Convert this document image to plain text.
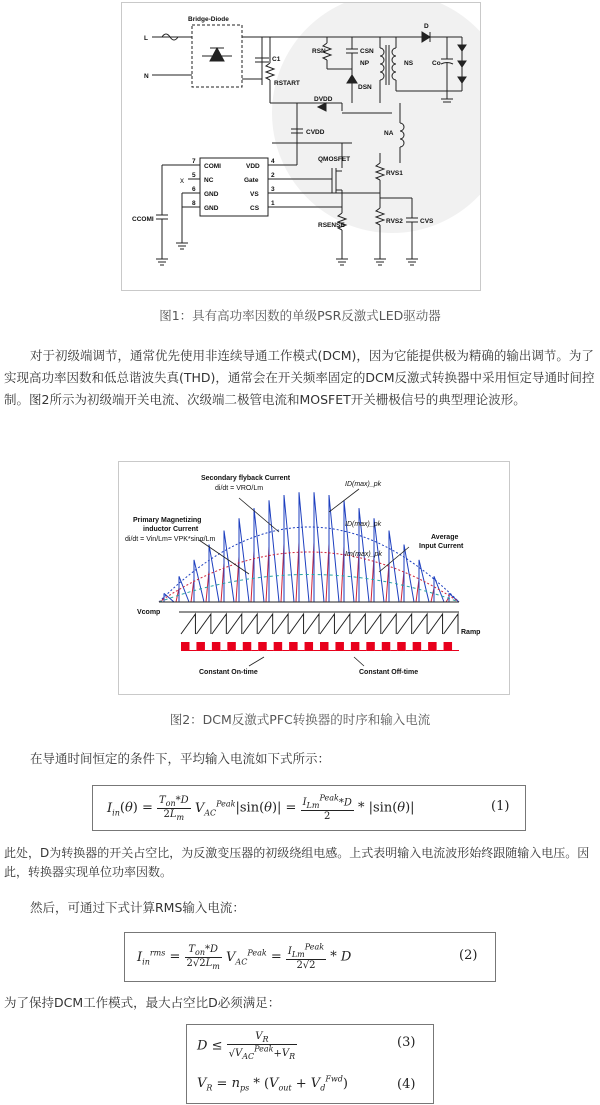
x
Bridge-Diode
L
N
C1
RSN	CSN
NP	NS
D
Co
RSTART
DSN
DVDD
CVDD	NA
QMOSFET
RVS1
RVS2	CVS
RSENSE
CCOMI
COMI
NC
GND
GND
VDD
Gate
VS
CS
7
5
6
8
4
2
3
1
图1：具有高功率因数的单级PSR反激式LED驱动器
对于初级端调节，通常优先使用非连续导通工作模式(DCM)，因为它能提供极为精确的输出调节。为了实现高功率因数和低总谐波失真(THD)，通常会在开关频率固定的DCM反激式转换器中采用恒定导通时间控制。图2所示为初级端开关电流、次级端二极管电流和MOSFET开关栅极信号的典型理论波形。
Secondary flyback Current
di/dt = VRO/Lm
ID(max)_pk
Primary Magnetizing
inductor Current
di/dt = Vin/Lm= VPK*sinα/Lm
ID(max)_pk
Im(max)_pk
Average
Input Current
Vcomp
Ramp
Constant On-time	Constant Off-time
图2：DCM反激式PFC转换器的时序和输入电流
在导通时间恒定的条件下，平均输入电流如下式所示：
$I_{in}(\theta) = \frac{T_{on}*D}{2L_m} V_{AC}^{Peak}|\sin(\theta)| = \frac{I_{Lm}^{Peak}*D}{2} * |\sin(\theta)|$	(1)
此处，D为转换器的开关占空比，为反激变压器的初级绕组电感。上式表明输入电流波形始终跟随输入电压。因此，转换器实现单位功率因数。
然后，可通过下式计算RMS输入电流：
$I_{in}^{rms} = \frac{T_{on}*D}{2√2L_m} V_{AC}^{Peak} = \frac{I_{Lm}^{Peak}}{2√2} * D$	(2)
为了保持DCM工作模式，最大占空比D必须满足：
$D \le \frac{V_R}{√V_{AC}^{Peak}+V_R}$	(3)
$V_R = n_{ps} * (V_{out} + V_d^{Fwd})$	(4)
